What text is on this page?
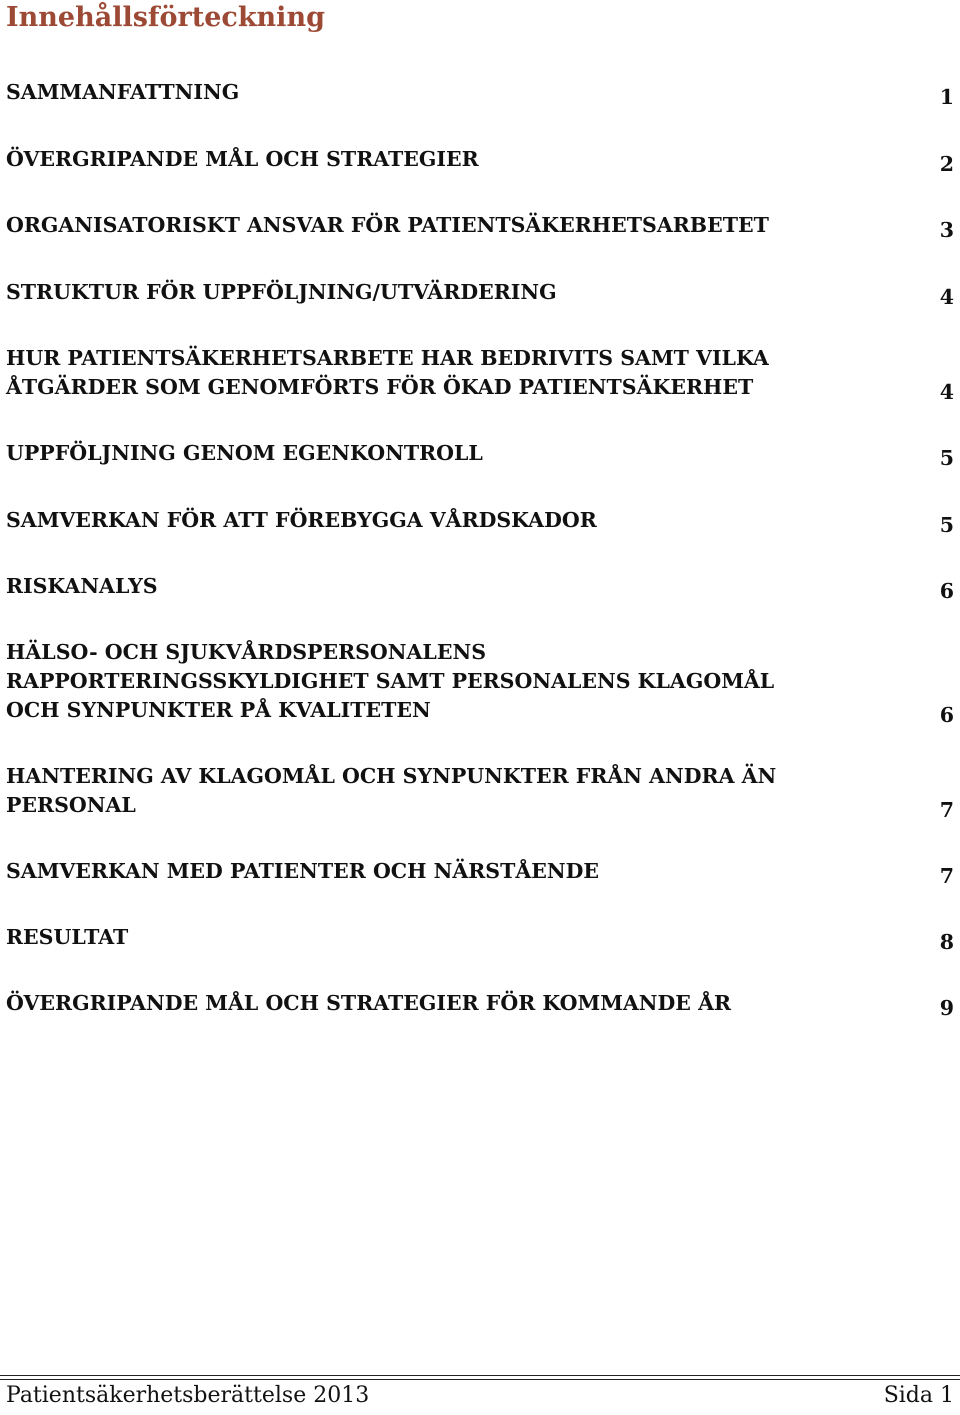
Innehållsförteckning
SAMMANFATTNING	1
ÖVERGRIPANDE MÅL OCH STRATEGIER	2
ORGANISATORISKT ANSVAR FÖR PATIENTSÄKERHETSARBETET	3
STRUKTUR FÖR UPPFÖLJNING/UTVÄRDERING	4
HUR PATIENTSÄKERHETSARBETE HAR BEDRIVITS SAMT VILKA
ÅTGÄRDER SOM GENOMFÖRTS FÖR ÖKAD PATIENTSÄKERHET	4
UPPFÖLJNING GENOM EGENKONTROLL	5
SAMVERKAN FÖR ATT FÖREBYGGA VÅRDSKADOR	5
RISKANALYS	6
HÄLSO- OCH SJUKVÅRDSPERSONALENS
RAPPORTERINGSSKYLDIGHET SAMT PERSONALENS KLAGOMÅL
OCH SYNPUNKTER PÅ KVALITETEN	6
HANTERING AV KLAGOMÅL OCH SYNPUNKTER FRÅN ANDRA ÄN
PERSONAL	7
SAMVERKAN MED PATIENTER OCH NÄRSTÅENDE	7
RESULTAT	8
ÖVERGRIPANDE MÅL OCH STRATEGIER FÖR KOMMANDE ÅR	9
Patientsäkerhetsberättelse 2013	Sida 1
